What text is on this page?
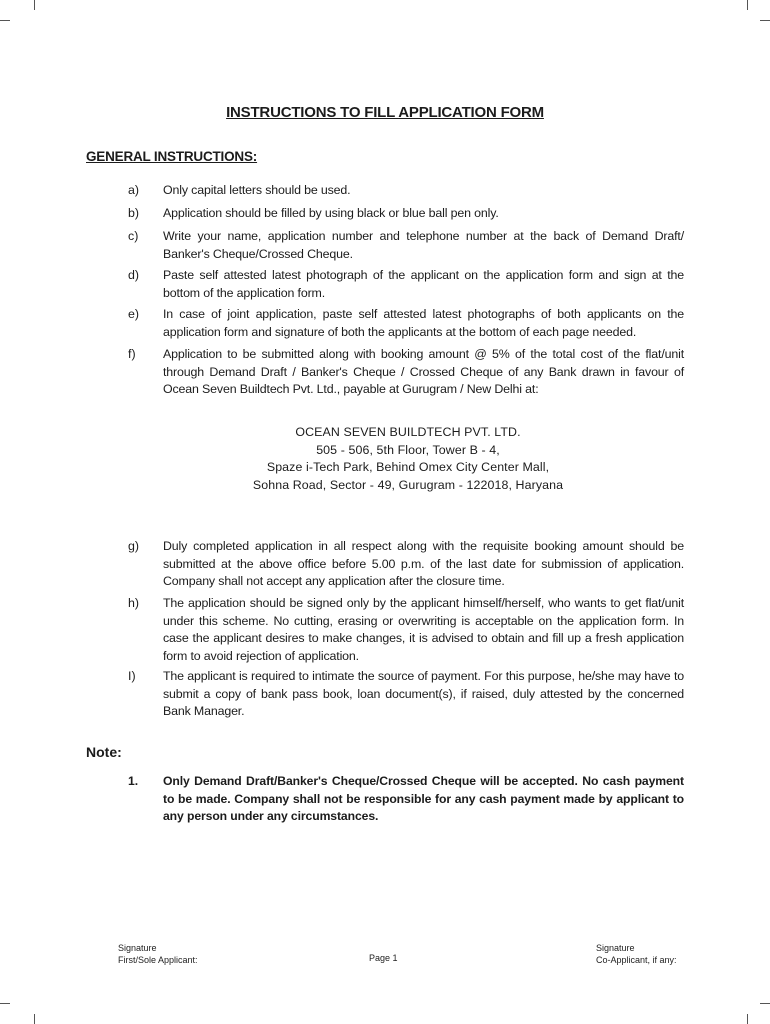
INSTRUCTIONS TO FILL APPLICATION FORM
GENERAL INSTRUCTIONS:
a) Only capital letters should be used.
b) Application should be filled by using black or blue ball pen only.
c) Write your name, application number and telephone number at the back of Demand Draft/ Banker's Cheque/Crossed Cheque.
d) Paste self attested latest photograph of the applicant on the application form and sign at the bottom of the application form.
e) In case of joint application, paste self attested latest photographs of both applicants on the application form and signature of both the applicants at the bottom of each page needed.
f) Application to be submitted along with booking amount @ 5% of the total cost of the flat/unit through Demand Draft / Banker's Cheque / Crossed Cheque of any Bank drawn in favour of Ocean Seven Buildtech Pvt. Ltd., payable at Gurugram / New Delhi at:
OCEAN SEVEN BUILDTECH PVT. LTD.
505 - 506, 5th Floor, Tower B - 4,
Spaze i-Tech Park, Behind Omex City Center Mall,
Sohna Road, Sector - 49, Gurugram - 122018, Haryana
g) Duly completed application in all respect along with the requisite booking amount should be submitted at the above office before 5.00 p.m. of the last date for submission of application. Company shall not accept any application after the closure time.
h) The application should be signed only by the applicant himself/herself, who wants to get flat/unit under this scheme. No cutting, erasing or overwriting is acceptable on the application form. In case the applicant desires to make changes, it is advised to obtain and fill up a fresh application form to avoid rejection of application.
I) The applicant is required to intimate the source of payment. For this purpose, he/she may have to submit a copy of bank pass book, loan document(s), if raised, duly attested by the concerned Bank Manager.
Note:
1. Only Demand Draft/Banker's Cheque/Crossed Cheque will be accepted. No cash payment to be made. Company shall not be responsible for any cash payment made by applicant to any person under any circumstances.
Signature
First/Sole Applicant:	Page 1
Signature
Co-Applicant, if any:
